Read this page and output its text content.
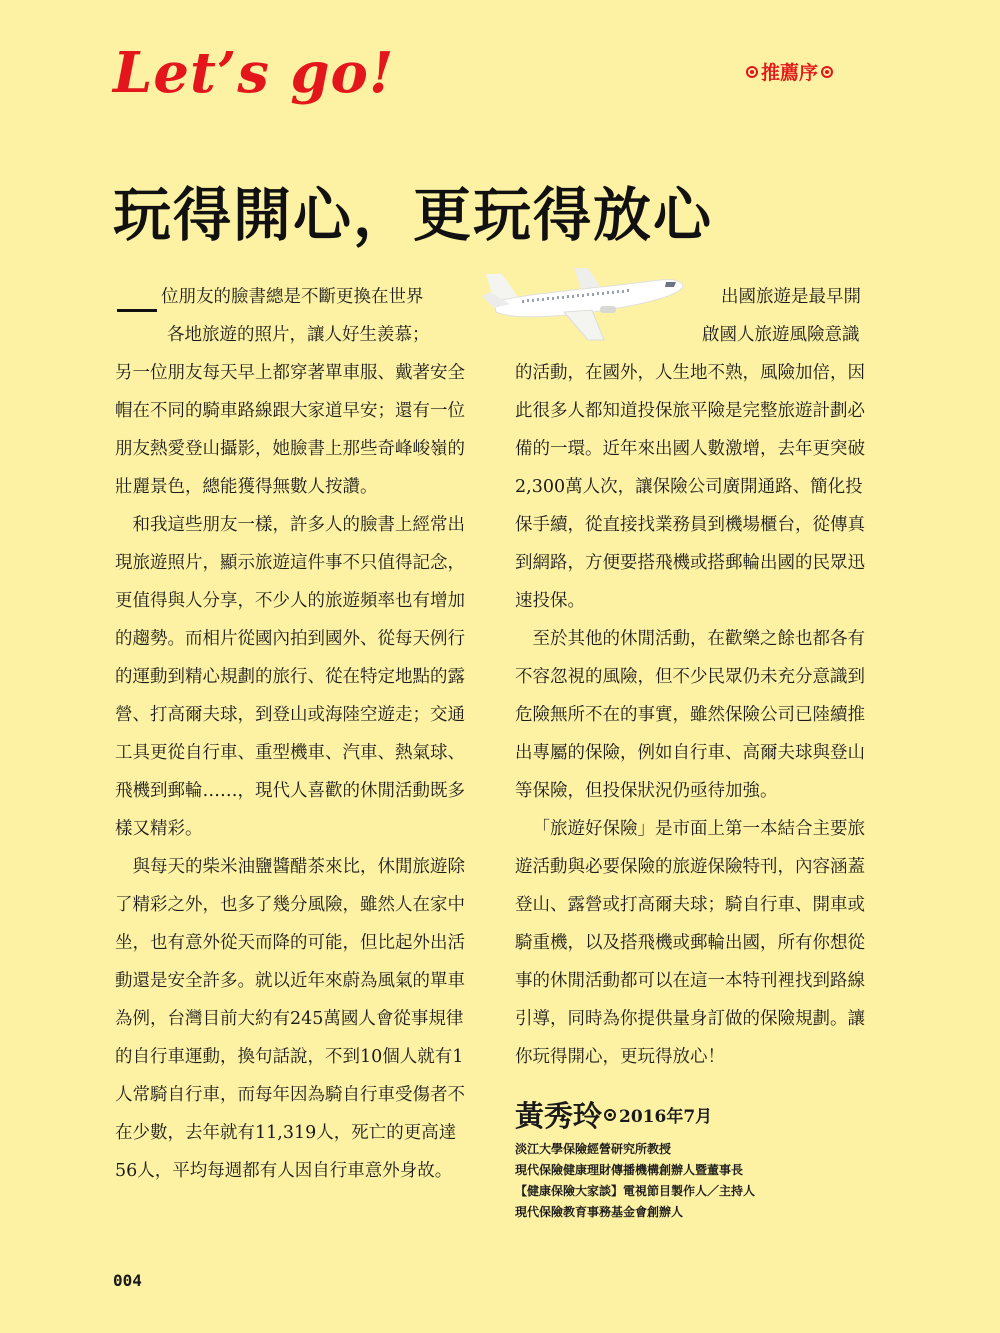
Let’s go!	推薦序
玩得開心，更玩得放心
位朋友的臉書總是不斷更換在世界

各地旅遊的照片，讓人好生羨慕；

另一位朋友每天早上都穿著單車服、戴著安全帽在不同的騎車路線跟大家道早安；還有一位朋友熱愛登山攝影，她臉書上那些奇峰峻嶺的壯麗景色，總能獲得無數人按讚。

和我這些朋友一樣，許多人的臉書上經常出現旅遊照片，顯示旅遊這件事不只值得記念，更值得與人分享，不少人的旅遊頻率也有增加的趨勢。而相片從國內拍到國外、從每天例行的運動到精心規劃的旅行、從在特定地點的露營、打高爾夫球，到登山或海陸空遊走；交通工具更從自行車、重型機車、汽車、熱氣球、飛機到郵輪……，現代人喜歡的休閒活動既多樣又精彩。

與每天的柴米油鹽醬醋茶來比，休閒旅遊除了精彩之外，也多了幾分風險，雖然人在家中坐，也有意外從天而降的可能，但比起外出活動還是安全許多。就以近年來蔚為風氣的單車為例，台灣目前大約有245萬國人會從事規律的自行車運動，換句話說，不到10個人就有1人常騎自行車，而每年因為騎自行車受傷者不在少數，去年就有11,319人，死亡的更高達56人，平均每週都有人因自行車意外身故。

出國旅遊是最早開

啟國人旅遊風險意識

的活動，在國外，人生地不熟，風險加倍，因此很多人都知道投保旅平險是完整旅遊計劃必備的一環。近年來出國人數激增，去年更突破2,300萬人次，讓保險公司廣開通路、簡化投保手續，從直接找業務員到機場櫃台，從傳真到網路，方便要搭飛機或搭郵輪出國的民眾迅速投保。

至於其他的休閒活動，在歡樂之餘也都各有不容忽視的風險，但不少民眾仍未充分意識到危險無所不在的事實，雖然保險公司已陸續推出專屬的保險，例如自行車、高爾夫球與登山等保險，但投保狀況仍亟待加強。

「旅遊好保險」是市面上第一本結合主要旅遊活動與必要保險的旅遊保險特刊，內容涵蓋登山、露營或打高爾夫球；騎自行車、開車或騎重機，以及搭飛機或郵輪出國，所有你想從事的休閒活動都可以在這一本特刊裡找到路線引導，同時為你提供量身訂做的保險規劃。讓你玩得開心，更玩得放心！

黃秀玲 2016年7月
淡江大學保險經營研究所教授
現代保險健康理財傳播機構創辦人暨董事長
【健康保險大家談】電視節目製作人／主持人
現代保險教育事務基金會創辦人
004
